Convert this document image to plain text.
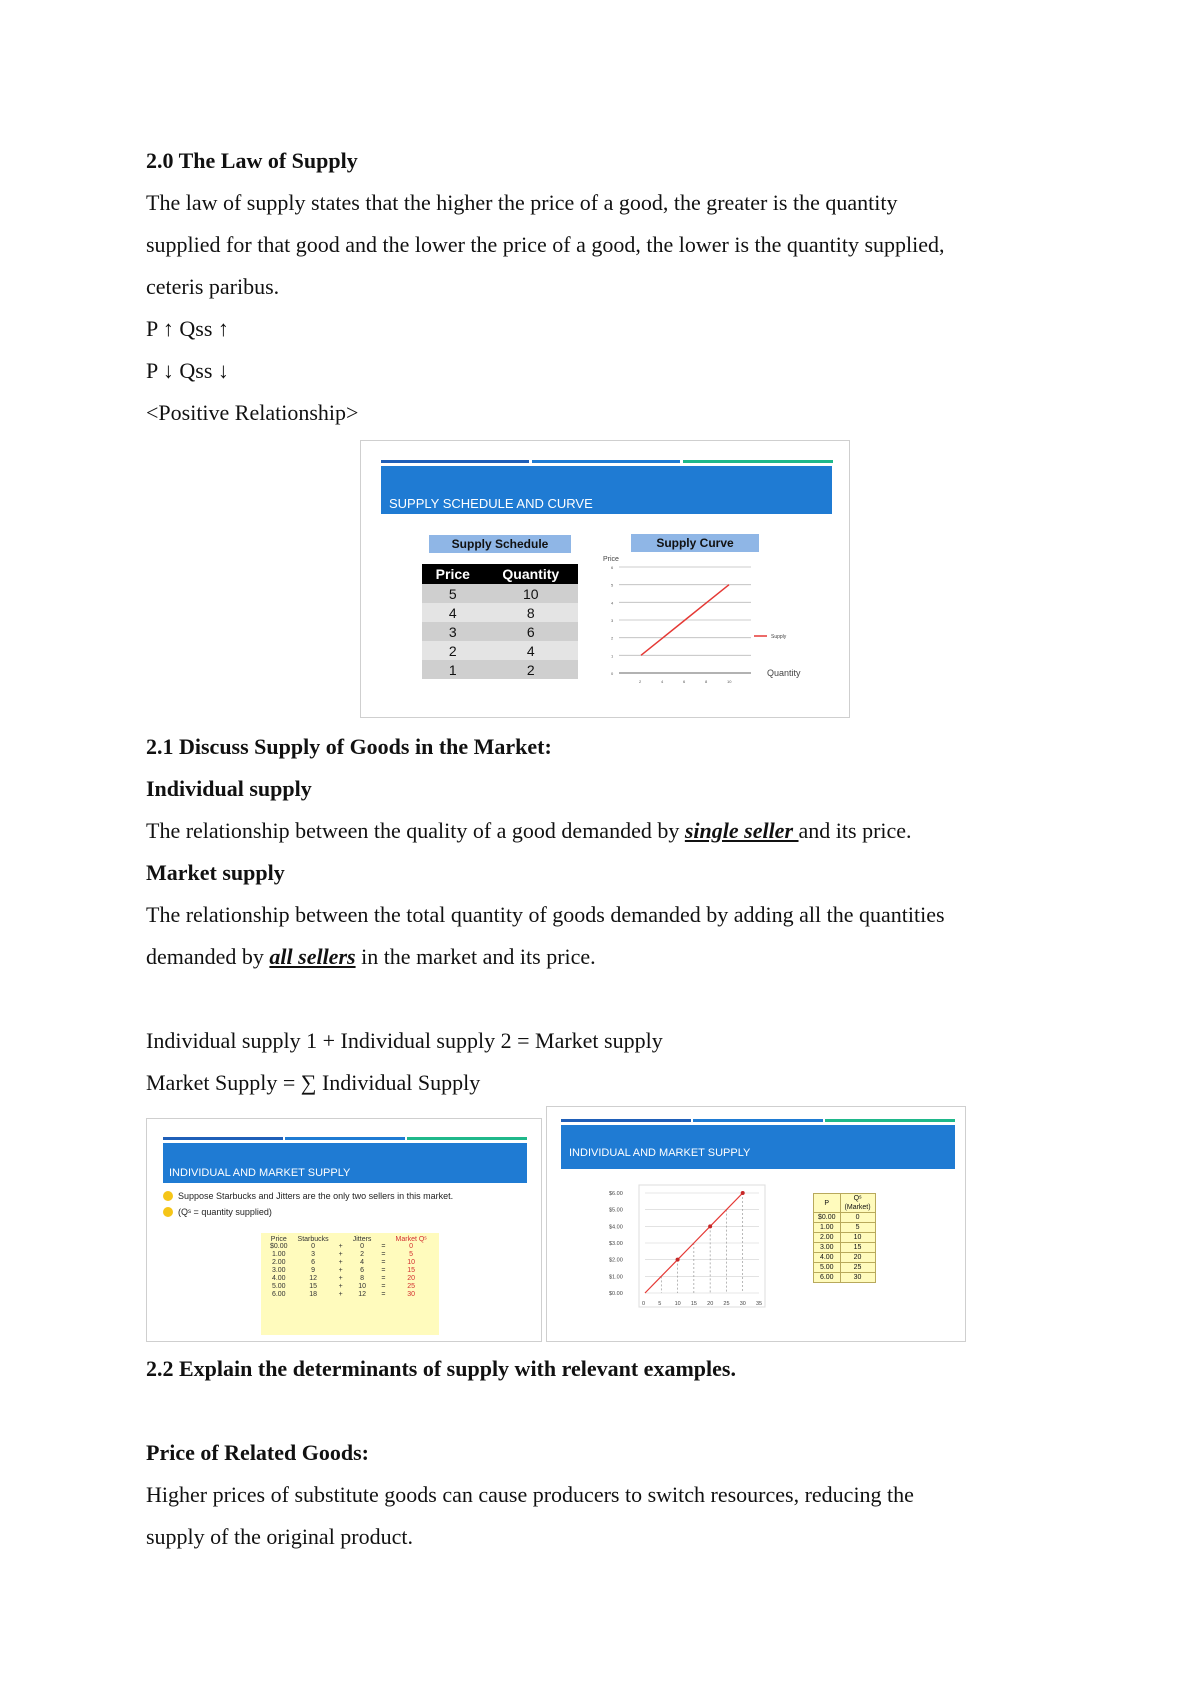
2.0 The Law of Supply
The law of supply states that the higher the price of a good, the greater is the quantity
supplied for that good and the lower the price of a good, the lower is the quantity supplied,
ceteris paribus.
P ↑ Qss ↑
P ↓ Qss ↓
<Positive Relationship>
SUPPLY SCHEDULE AND CURVE
Supply Schedule
Price	Quantity
5	10
4	8
3	6
2	4
1	2
Supply Curve
0
1
2
3
4
5
6
2	4	6	8	10
Price
Quantity
Supply
2.1 Discuss Supply of Goods in the Market:
Individual supply
The relationship between the quality of a good demanded by single seller and its price.
Market supply
The relationship between the total quantity of goods demanded by adding all the quantities
demanded by all sellers in the market and its price.
Individual supply 1 + Individual supply 2 = Market supply
Market Supply = ∑ Individual Supply
INDIVIDUAL AND MARKET SUPPLY
Suppose Starbucks and Jitters are the only two sellers in this market.
(Qˢ = quantity supplied)
Price	Starbucks		Jitters		Market Qˢ
$0.00	0	+	0	=	0
1.00	3	+	2	=	5
2.00	6	+	4	=	10
3.00	9	+	6	=	15
4.00	12	+	8	=	20
5.00	15	+	10	=	25
6.00	18	+	12	=	30
INDIVIDUAL AND MARKET SUPPLY
$0.00
$1.00
$2.00
$3.00
$4.00
$5.00
$6.00
0 5 10 15 20 25 30 35
P	Qˢ
(Market)
$0.00	0
1.00	5
2.00	10
3.00	15
4.00	20
5.00	25
6.00	30
2.2 Explain the determinants of supply with relevant examples.
Price of Related Goods:
Higher prices of substitute goods can cause producers to switch resources, reducing the
supply of the original product.
